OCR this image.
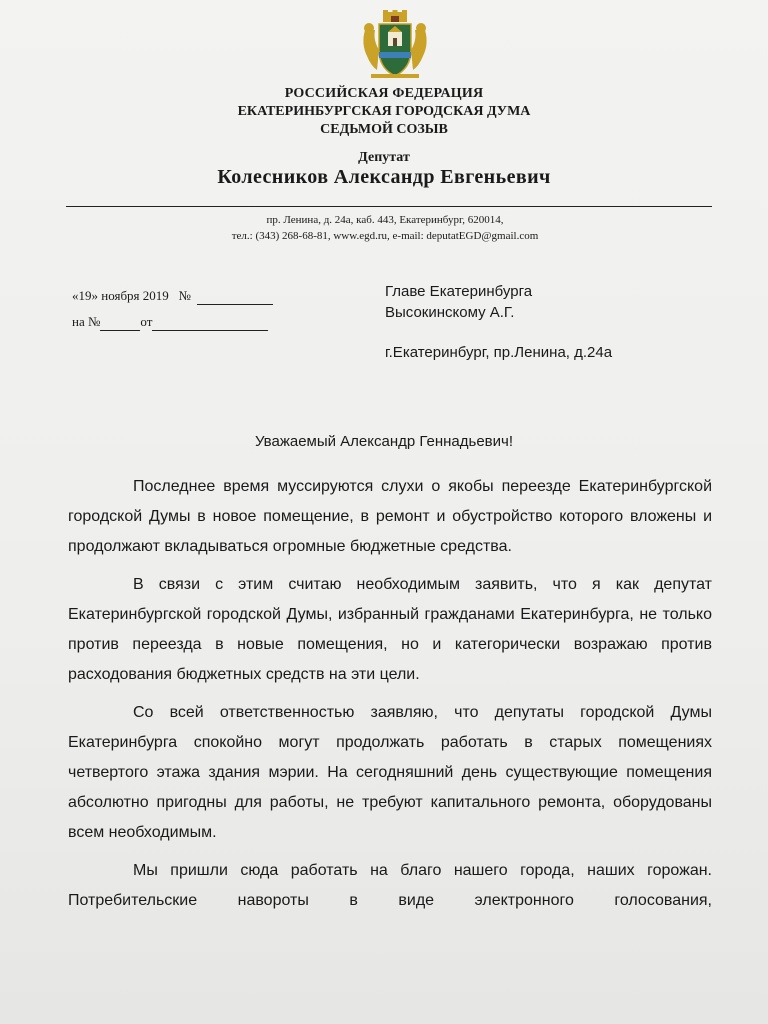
РОССИЙСКАЯ ФЕДЕРАЦИЯ
ЕКАТЕРИНБУРГСКАЯ ГОРОДСКАЯ ДУМА
СЕДЬМОЙ СОЗЫВ
Депутат
Колесников Александр Евгеньевич
пр. Ленина, д. 24а, каб. 443, Екатеринбург, 620014,
тел.: (343) 268-68-81, www.egd.ru, e-mail: deputatEGD@gmail.com
«19» ноября 2019 №
на №	от
Главе Екатеринбурга
Высокинскому А.Г.
г.Екатеринбург, пр.Ленина, д.24а
Уважаемый Александр Геннадьевич!

Последнее время муссируются слухи о якобы переезде Екатеринбургской городской Думы в новое помещение, в ремонт и обустройство которого вложены и продолжают вкладываться огромные бюджетные средства.

В связи с этим считаю необходимым заявить, что я как депутат Екатеринбургской городской Думы, избранный гражданами Екатеринбурга, не только против переезда в новые помещения, но и категорически возражаю против расходования бюджетных средств на эти цели.

Со всей ответственностью заявляю, что депутаты городской Думы Екатеринбурга спокойно могут продолжать работать в старых помещениях четвертого этажа здания мэрии. На сегодняшний день существующие помещения абсолютно пригодны для работы, не требуют капитального ремонта, оборудованы всем необходимым.

Мы пришли сюда работать на благо нашего города, наших горожан. Потребительские навороты в виде электронного голосования,
